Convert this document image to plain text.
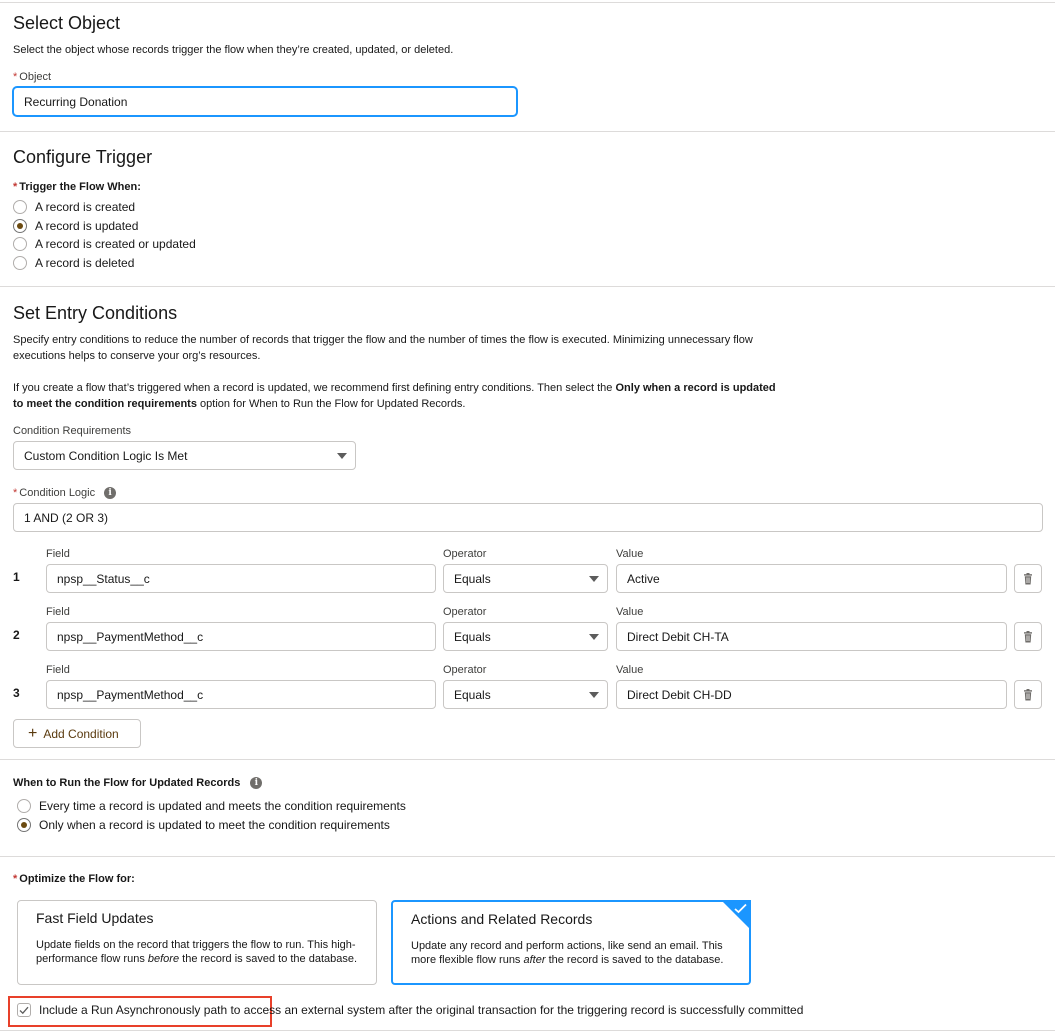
Select Object
Select the object whose records trigger the flow when they’re created, updated, or deleted.
* Object
Recurring Donation
Configure Trigger
* Trigger the Flow When:
A record is created
A record is updated
A record is created or updated
A record is deleted
Set Entry Conditions
Specify entry conditions to reduce the number of records that trigger the flow and the number of times the flow is executed. Minimizing unnecessary flow executions helps to conserve your org’s resources.
If you create a flow that’s triggered when a record is updated, we recommend first defining entry conditions. Then select the Only when a record is updated to meet the condition requirements option for When to Run the Flow for Updated Records.
Condition Requirements
Custom Condition Logic Is Met
* Condition Logic	i
1 AND (2 OR 3)
Field	Operator	Value
1	npsp__Status__c	Equals	Active
Field	Operator	Value
2	npsp__PaymentMethod__c	Equals	Direct Debit CH-TA
Field	Operator	Value
3	npsp__PaymentMethod__c	Equals	Direct Debit CH-DD
+ Add Condition
When to Run the Flow for Updated Records	i
Every time a record is updated and meets the condition requirements
Only when a record is updated to meet the condition requirements
* Optimize the Flow for:
Fast Field Updates
Update fields on the record that triggers the flow to run. This high-performance flow runs before the record is saved to the database.
Actions and Related Records
Update any record and perform actions, like send an email. This more flexible flow runs after the record is saved to the database.
Include a Run Asynchronously path to access an external system after the original transaction for the triggering record is successfully committed
